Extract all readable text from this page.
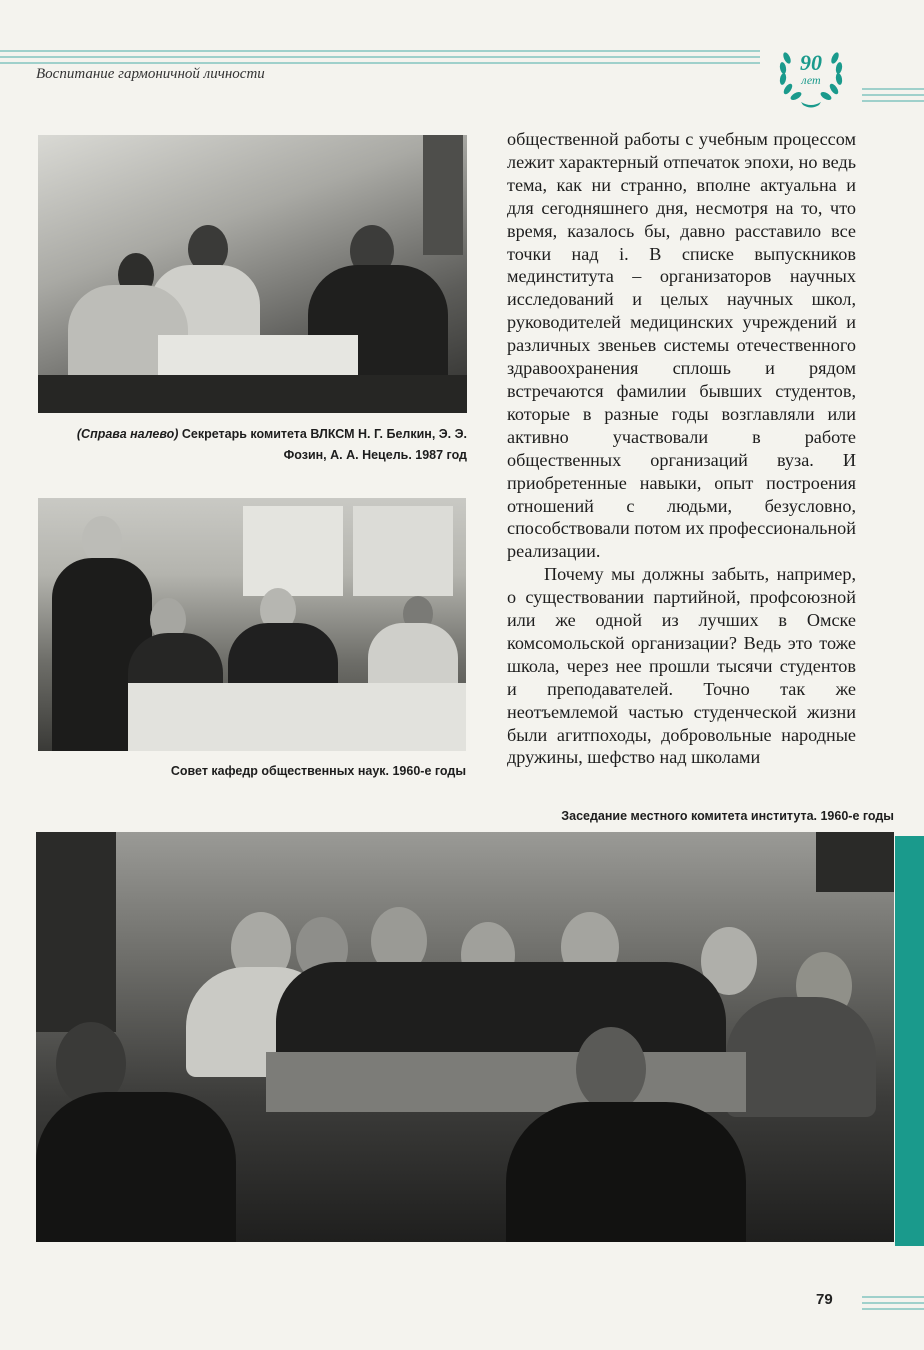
Воспитание гармоничной личности	90
лет
(Справа налево) Секретарь комитета ВЛКСМ Н. Г. Белкин, Э. Э. Фозин, А. А. Нецель. 1987 год
Совет кафедр общественных наук. 1960-е годы

общественной работы с учебным процессом лежит характерный отпечаток эпохи, но ведь тема, как ни странно, вполне актуальна и для сегодняшнего дня, несмотря на то, что время, казалось бы, давно расставило все точки над i. В списке выпускников мединститута – организаторов научных исследований и целых научных школ, руководителей медицинских учреждений и различных звеньев системы отечественного здравоохранения сплошь и рядом встречаются фамилии бывших студентов, которые в разные годы возглавляли или активно участвовали в работе общественных организаций вуза. И приобретенные навыки, опыт построения отношений с людьми, безусловно, способствовали потом их профессиональной реализации.

Почему мы должны забыть, например, о существовании партийной, профсоюзной или же одной из лучших в Омске комсомольской организации? Ведь это тоже школа, через нее прошли тысячи студентов и преподавателей. Точно так же неотъемлемой частью студенческой жизни были агитпоходы, добровольные народные дружины, шефство над школами

Заседание местного комитета института. 1960-е годы
79
